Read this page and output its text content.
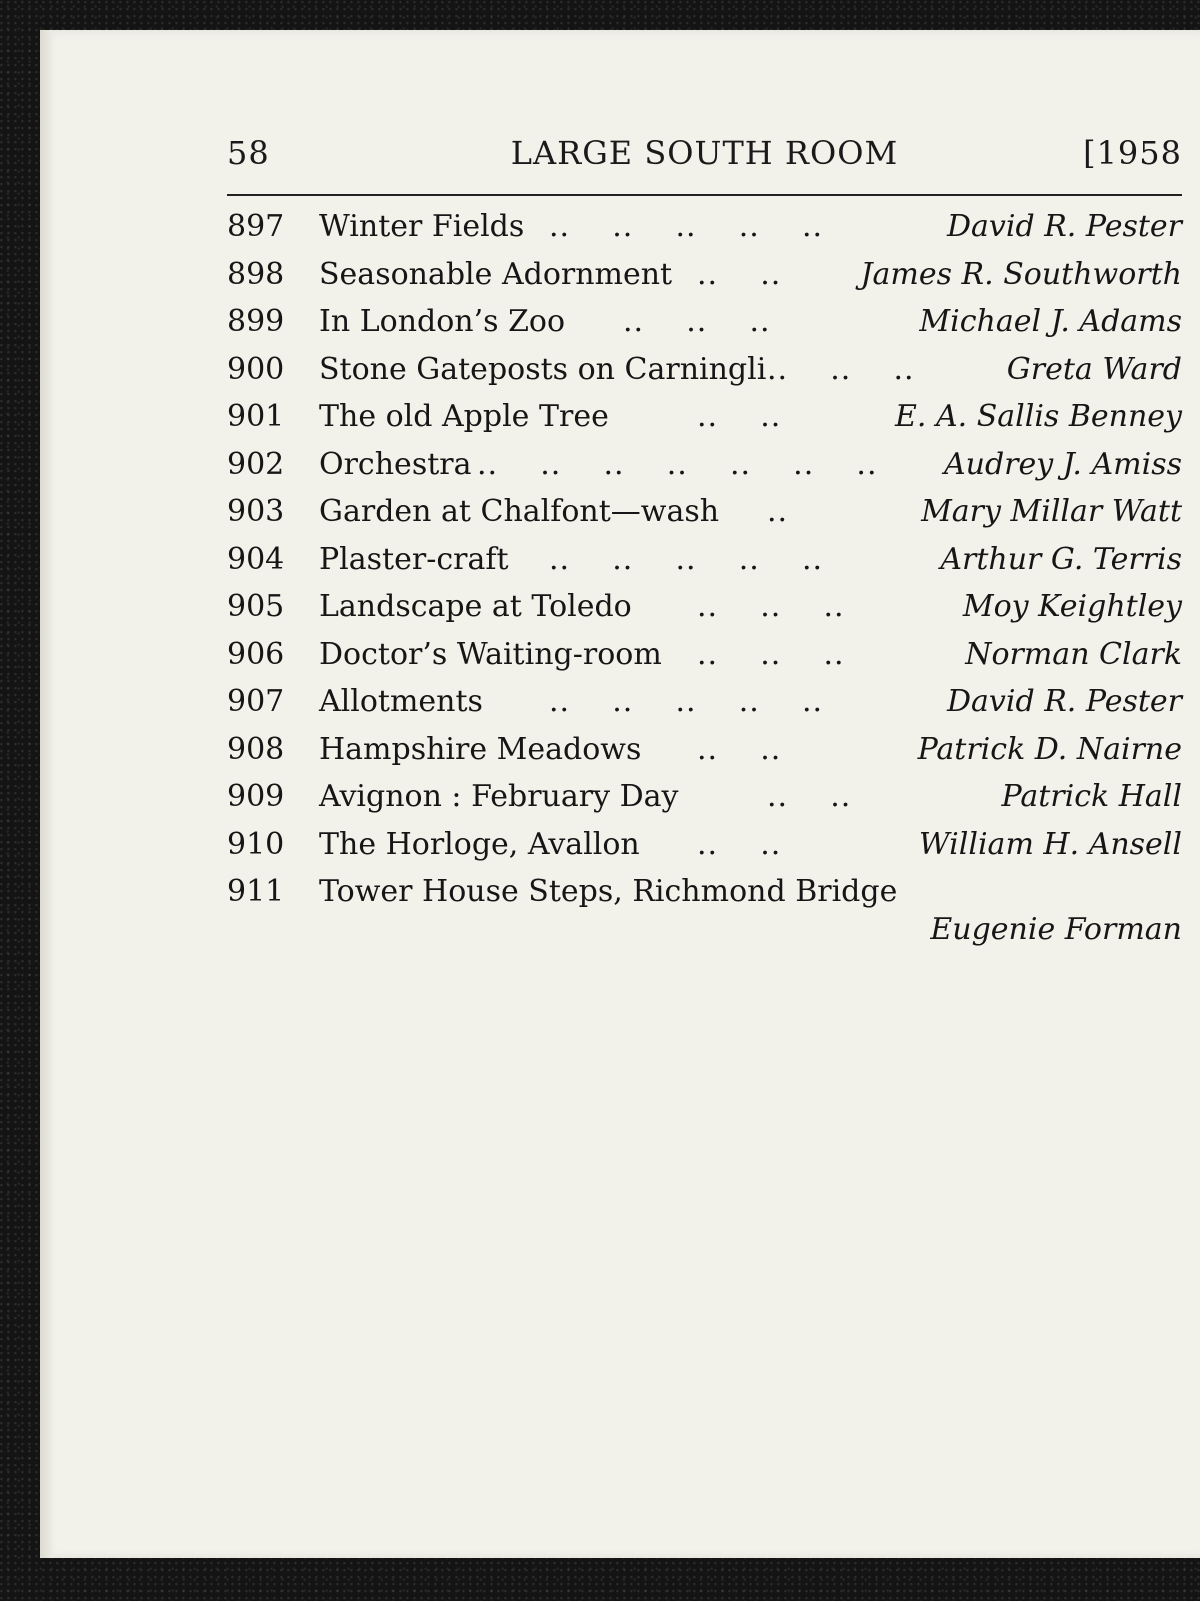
58	LARGE SOUTH ROOM	[1958
897 Winter Fields .. .. .. .. ..	David R. Pester
898 Seasonable Adornment .. ..	James R. Southworth
899 In London’s Zoo .. .. ..	Michael J. Adams
900 Stone Gateposts on Carningli .. .. ..	Greta Ward
901 The old Apple Tree	.. ..	E. A. Sallis Benney
902 Orchestra .. .. .. .. .. .. .. Audrey J. Amiss
903 Garden at Chalfont—wash ..	Mary Millar Watt
904 Plaster-craft .. .. .. .. ..	Arthur G. Terris
905 Landscape at Toledo .. .. ..	Moy Keightley
906 Doctor’s Waiting-room .. .. ..	Norman Clark
907 Allotments .. .. .. .. ..	David R. Pester
908 Hampshire Meadows .. ..	Patrick D. Nairne
909 Avignon : February Day	.. ..	Patrick Hall
910 The Horloge, Avallon .. ..	William H. Ansell
911 Tower House Steps, Richmond Bridge
Eugenie Forman
